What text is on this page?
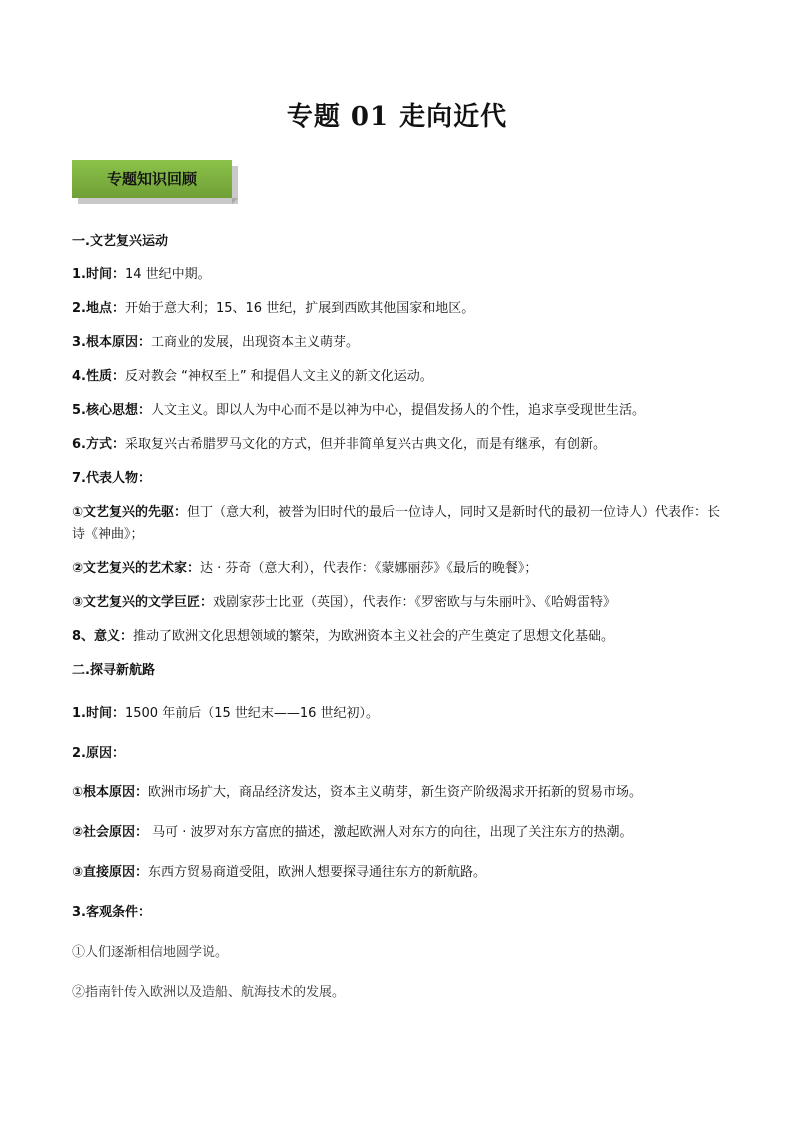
专题 01 走向近代
专题知识回顾
一.文艺复兴运动
1.时间：14 世纪中期。
2.地点：开始于意大利；15、16 世纪，扩展到西欧其他国家和地区。
3.根本原因：工商业的发展，出现资本主义萌芽。
4.性质：反对教会 “神权至上” 和提倡人文主义的新文化运动。
5.核心思想：人文主义。即以人为中心而不是以神为中心，提倡发扬人的个性，追求享受现世生活。
6.方式：采取复兴古希腊罗马文化的方式，但并非简单复兴古典文化，而是有继承，有创新。
7.代表人物：
①文艺复兴的先驱：但丁（意大利，被誉为旧时代的最后一位诗人，同时又是新时代的最初一位诗人）代表作：长诗《神曲》；
②文艺复兴的艺术家：达 · 芬奇（意大利），代表作：《蒙娜丽莎》《最后的晚餐》；
③文艺复兴的文学巨匠：戏剧家莎士比亚（英国），代表作：《罗密欧与与朱丽叶》、《哈姆雷特》
8、意义：推动了欧洲文化思想领域的繁荣，为欧洲资本主义社会的产生奠定了思想文化基础。
二.探寻新航路
1.时间：1500 年前后（15 世纪末——16 世纪初）。
2.原因：
①根本原因：欧洲市场扩大，商品经济发达，资本主义萌芽，新生资产阶级渴求开拓新的贸易市场。
②社会原因： 马可 · 波罗对东方富庶的描述，激起欧洲人对东方的向往，出现了关注东方的热潮。
③直接原因：东西方贸易商道受阻，欧洲人想要探寻通往东方的新航路。
3.客观条件：
①人们逐渐相信地圆学说。
②指南针传入欧洲以及造船、航海技术的发展。
